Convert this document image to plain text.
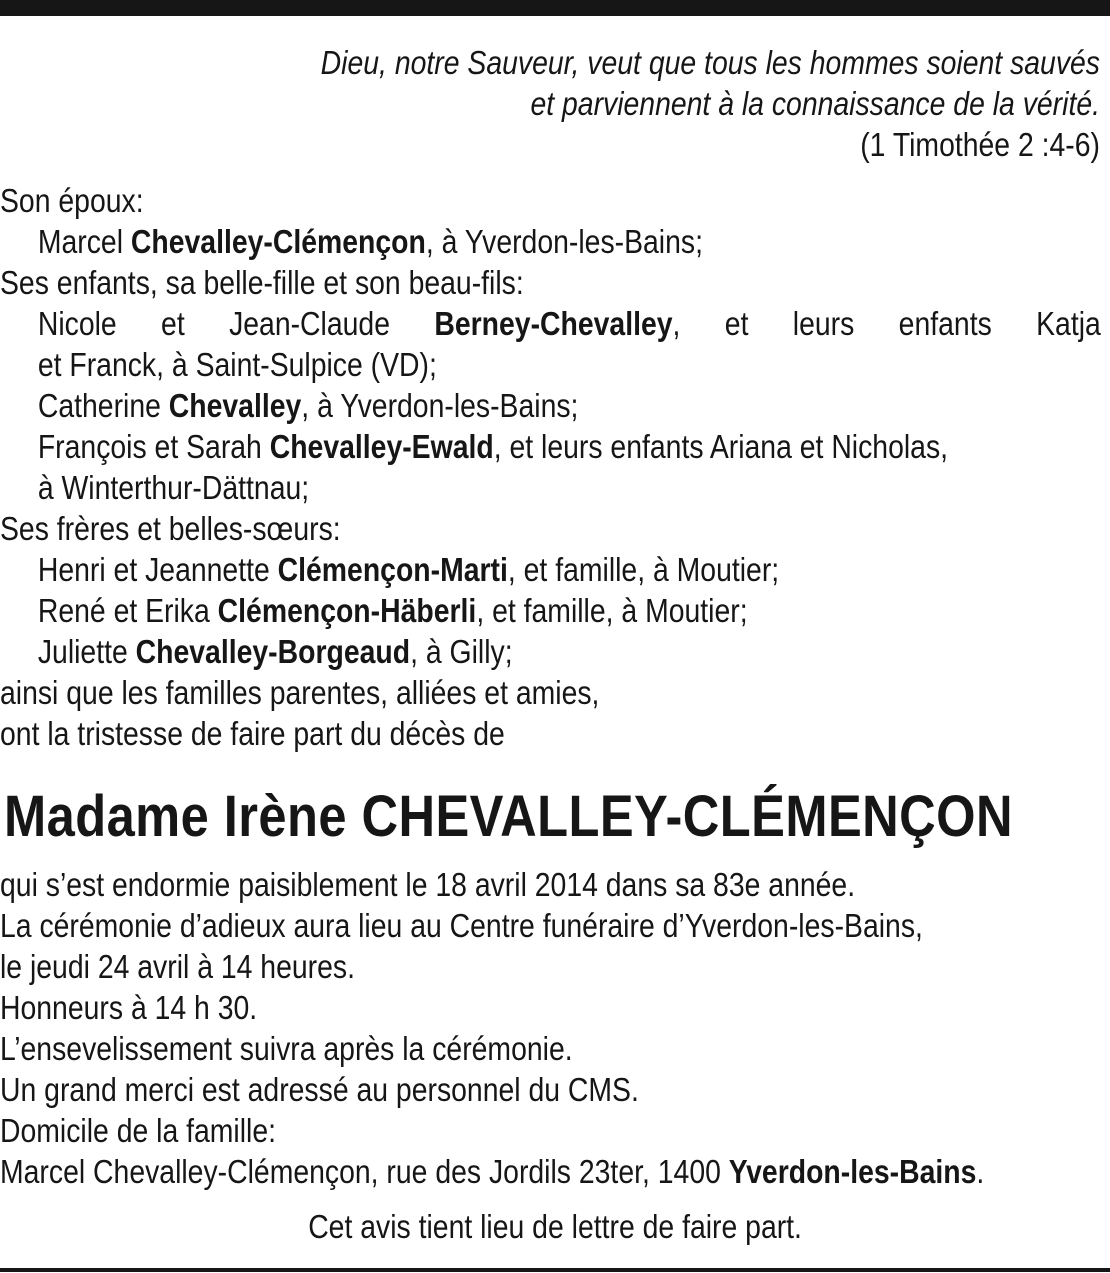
Dieu, notre Sauveur, veut que tous les hommes soient sauvés
et parviennent à la connaissance de la vérité.
(1 Timothée 2 :4-6)
Son époux:
Marcel Chevalley-Clémençon, à Yverdon-les-Bains;
Ses enfants, sa belle-fille et son beau-fils:
Nicole et Jean-Claude Berney-Chevalley, et leurs enfants Katja
et Franck, à Saint-Sulpice (VD);
Catherine Chevalley, à Yverdon-les-Bains;
François et Sarah Chevalley-Ewald, et leurs enfants Ariana et Nicholas,
à Winterthur-Dättnau;
Ses frères et belles-sœurs:
Henri et Jeannette Clémençon-Marti, et famille, à Moutier;
René et Erika Clémençon-Häberli, et famille, à Moutier;
Juliette Chevalley-Borgeaud, à Gilly;
ainsi que les familles parentes, alliées et amies,
ont la tristesse de faire part du décès de
Madame Irène CHEVALLEY-CLÉMENÇON
qui s’est endormie paisiblement le 18 avril 2014 dans sa 83e année.
La cérémonie d’adieux aura lieu au Centre funéraire d’Yverdon-les-Bains,
le jeudi 24 avril à 14 heures.
Honneurs à 14 h 30.
L’ensevelissement suivra après la cérémonie.
Un grand merci est adressé au personnel du CMS.
Domicile de la famille:
Marcel Chevalley-Clémençon, rue des Jordils 23ter, 1400 Yverdon-les-Bains.
Cet avis tient lieu de lettre de faire part.
